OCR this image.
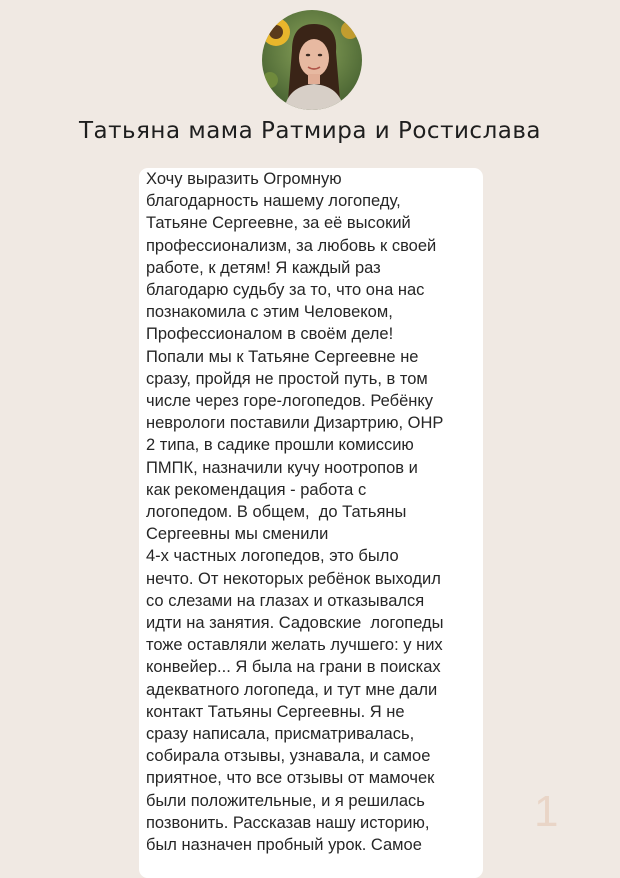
Татьяна мама Ратмира и Ростислава
Хочу выразить Огромную
благодарность нашему логопеду,
Татьяне Сергеевне, за её высокий
профессионализм, за любовь к своей
работе, к детям! Я каждый раз
благодарю судьбу за то, что она нас
познакомила с этим Человеком,
Профессионалом в своём деле!
Попали мы к Татьяне Сергеевне не
сразу, пройдя не простой путь, в том
числе через горе-логопедов. Ребёнку
неврологи поставили Дизартрию, ОНР
2 типа, в садике прошли комиссию
ПМПК, назначили кучу ноотропов и
как рекомендация - работа с
логопедом. В общем,  до Татьяны
Сергеевны мы сменили
4-х частных логопедов, это было
нечто. От некоторых ребёнок выходил
со слезами на глазах и отказывался
идти на занятия. Садовские  логопеды
тоже оставляли желать лучшего: у них
конвейер... Я была на грани в поисках
адекватного логопеда, и тут мне дали
контакт Татьяны Сергеевны. Я не
сразу написала, присматривалась,
собирала отзывы, узнавала, и самое
приятное, что все отзывы от мамочек
были положительные, и я решилась
позвонить. Рассказав нашу историю,
был назначен пробный урок. Самое
1
